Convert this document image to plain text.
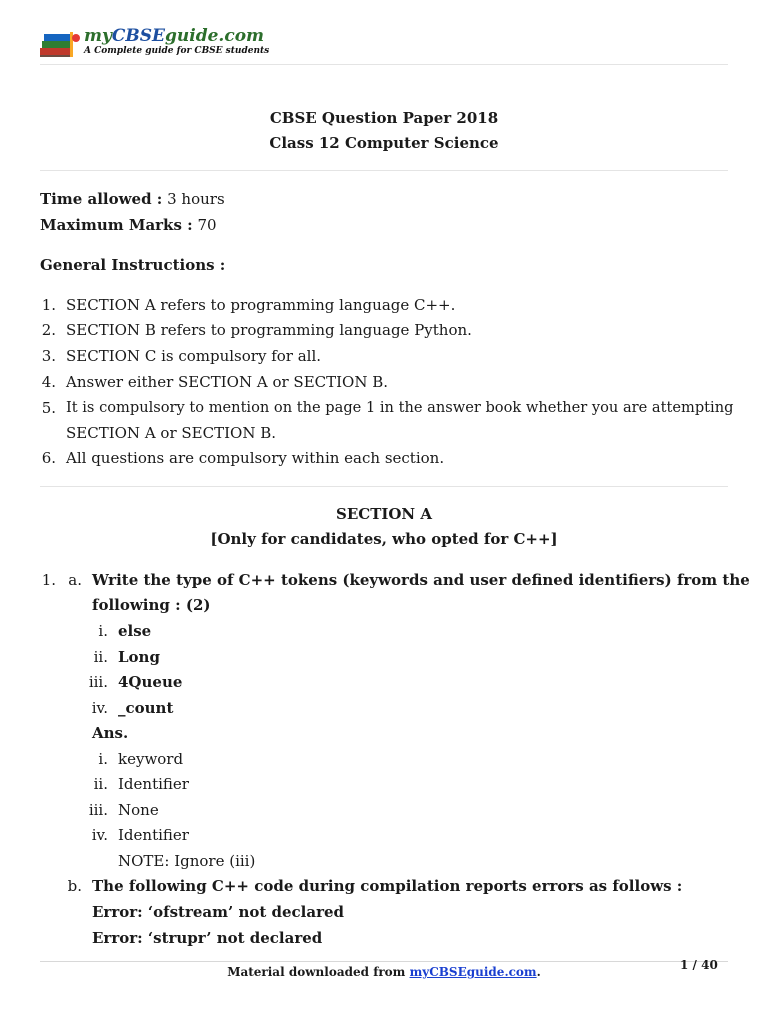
myCBSEguide.com
A Complete guide for CBSE students
CBSE Question Paper 2018
Class 12 Computer Science
Time allowed : 3 hours
Maximum Marks : 70
General Instructions :
1. SECTION A refers to programming language C++.
2. SECTION B refers to programming language Python.
3. SECTION C is compulsory for all.
4. Answer either SECTION A or SECTION B.
5. It is compulsory to mention on the page 1 in the answer book whether you are attempting
SECTION A or SECTION B.
6. All questions are compulsory within each section.
SECTION A
[Only for candidates, who opted for C++]
1. a. Write the type of C++ tokens (keywords and user defined identifiers) from the
following : (2)
i. else
ii. Long
iii. 4Queue
iv. _count
Ans.
i. keyword
ii. Identifier
iii. None
iv. Identifier
NOTE: Ignore (iii)
b. The following C++ code during compilation reports errors as follows :
Error: ‘ofstream’ not declared
Error: ‘strupr’ not declared
Material downloaded from myCBSEguide.com.	1 / 40
